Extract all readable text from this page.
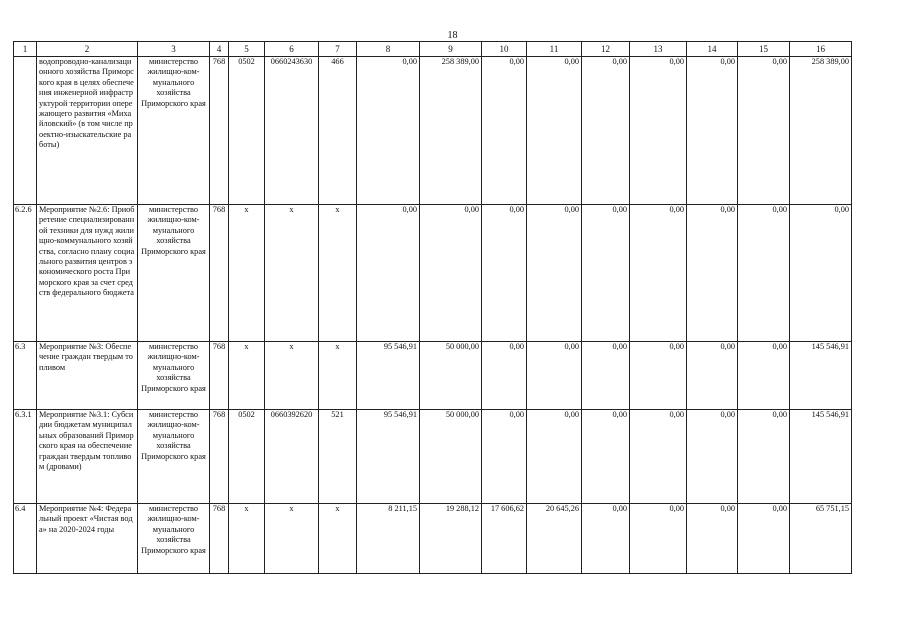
18
1	2	3	4	5	6	7	8	9	10	11	12	13	14	15	16
	водопроводно-канализационного хозяйства Приморского края в целях обеспечения инженерной инфраструктурой территории опережающего развития «Михайловский» (в том числе проектно-изыскательские работы)	министерство жилищно-ком-мунального хозяйства Приморского края	768	0502	0660243630	466	0,00	258 389,00	0,00	0,00	0,00	0,00	0,00	0,00	258 389,00
6.2.6	Мероприятие №2.6: Приобретение специализированной техники для нужд жилищно-коммунального хозяйства, согласно плану социального развития центров экономического роста Приморского края за счет средств федерального бюджета	министерство жилищно-ком-мунального хозяйства Приморского края	768	х	х	х	0,00	0,00	0,00	0,00	0,00	0,00	0,00	0,00	0,00
6.3	Мероприятие №3: Обеспечение граждан твердым топливом	министерство жилищно-ком-мунального хозяйства Приморского края	768	х	х	х	95 546,91	50 000,00	0,00	0,00	0,00	0,00	0,00	0,00	145 546,91
6.3.1	Мероприятие №3.1: Субсидии бюджетам муниципальных образований Приморского края на обеспечение граждан твердым топливом (дровами)	министерство жилищно-ком-мунального хозяйства Приморского края	768	0502	0660392620	521	95 546,91	50 000,00	0,00	0,00	0,00	0,00	0,00	0,00	145 546,91
6.4	Мероприятие №4: Федеральный проект «Чистая вода» на 2020-2024 годы	министерство жилищно-ком-мунального хозяйства Приморского края	768	х	х	х	8 211,15	19 288,12	17 606,62	20 645,26	0,00	0,00	0,00	0,00	65 751,15
